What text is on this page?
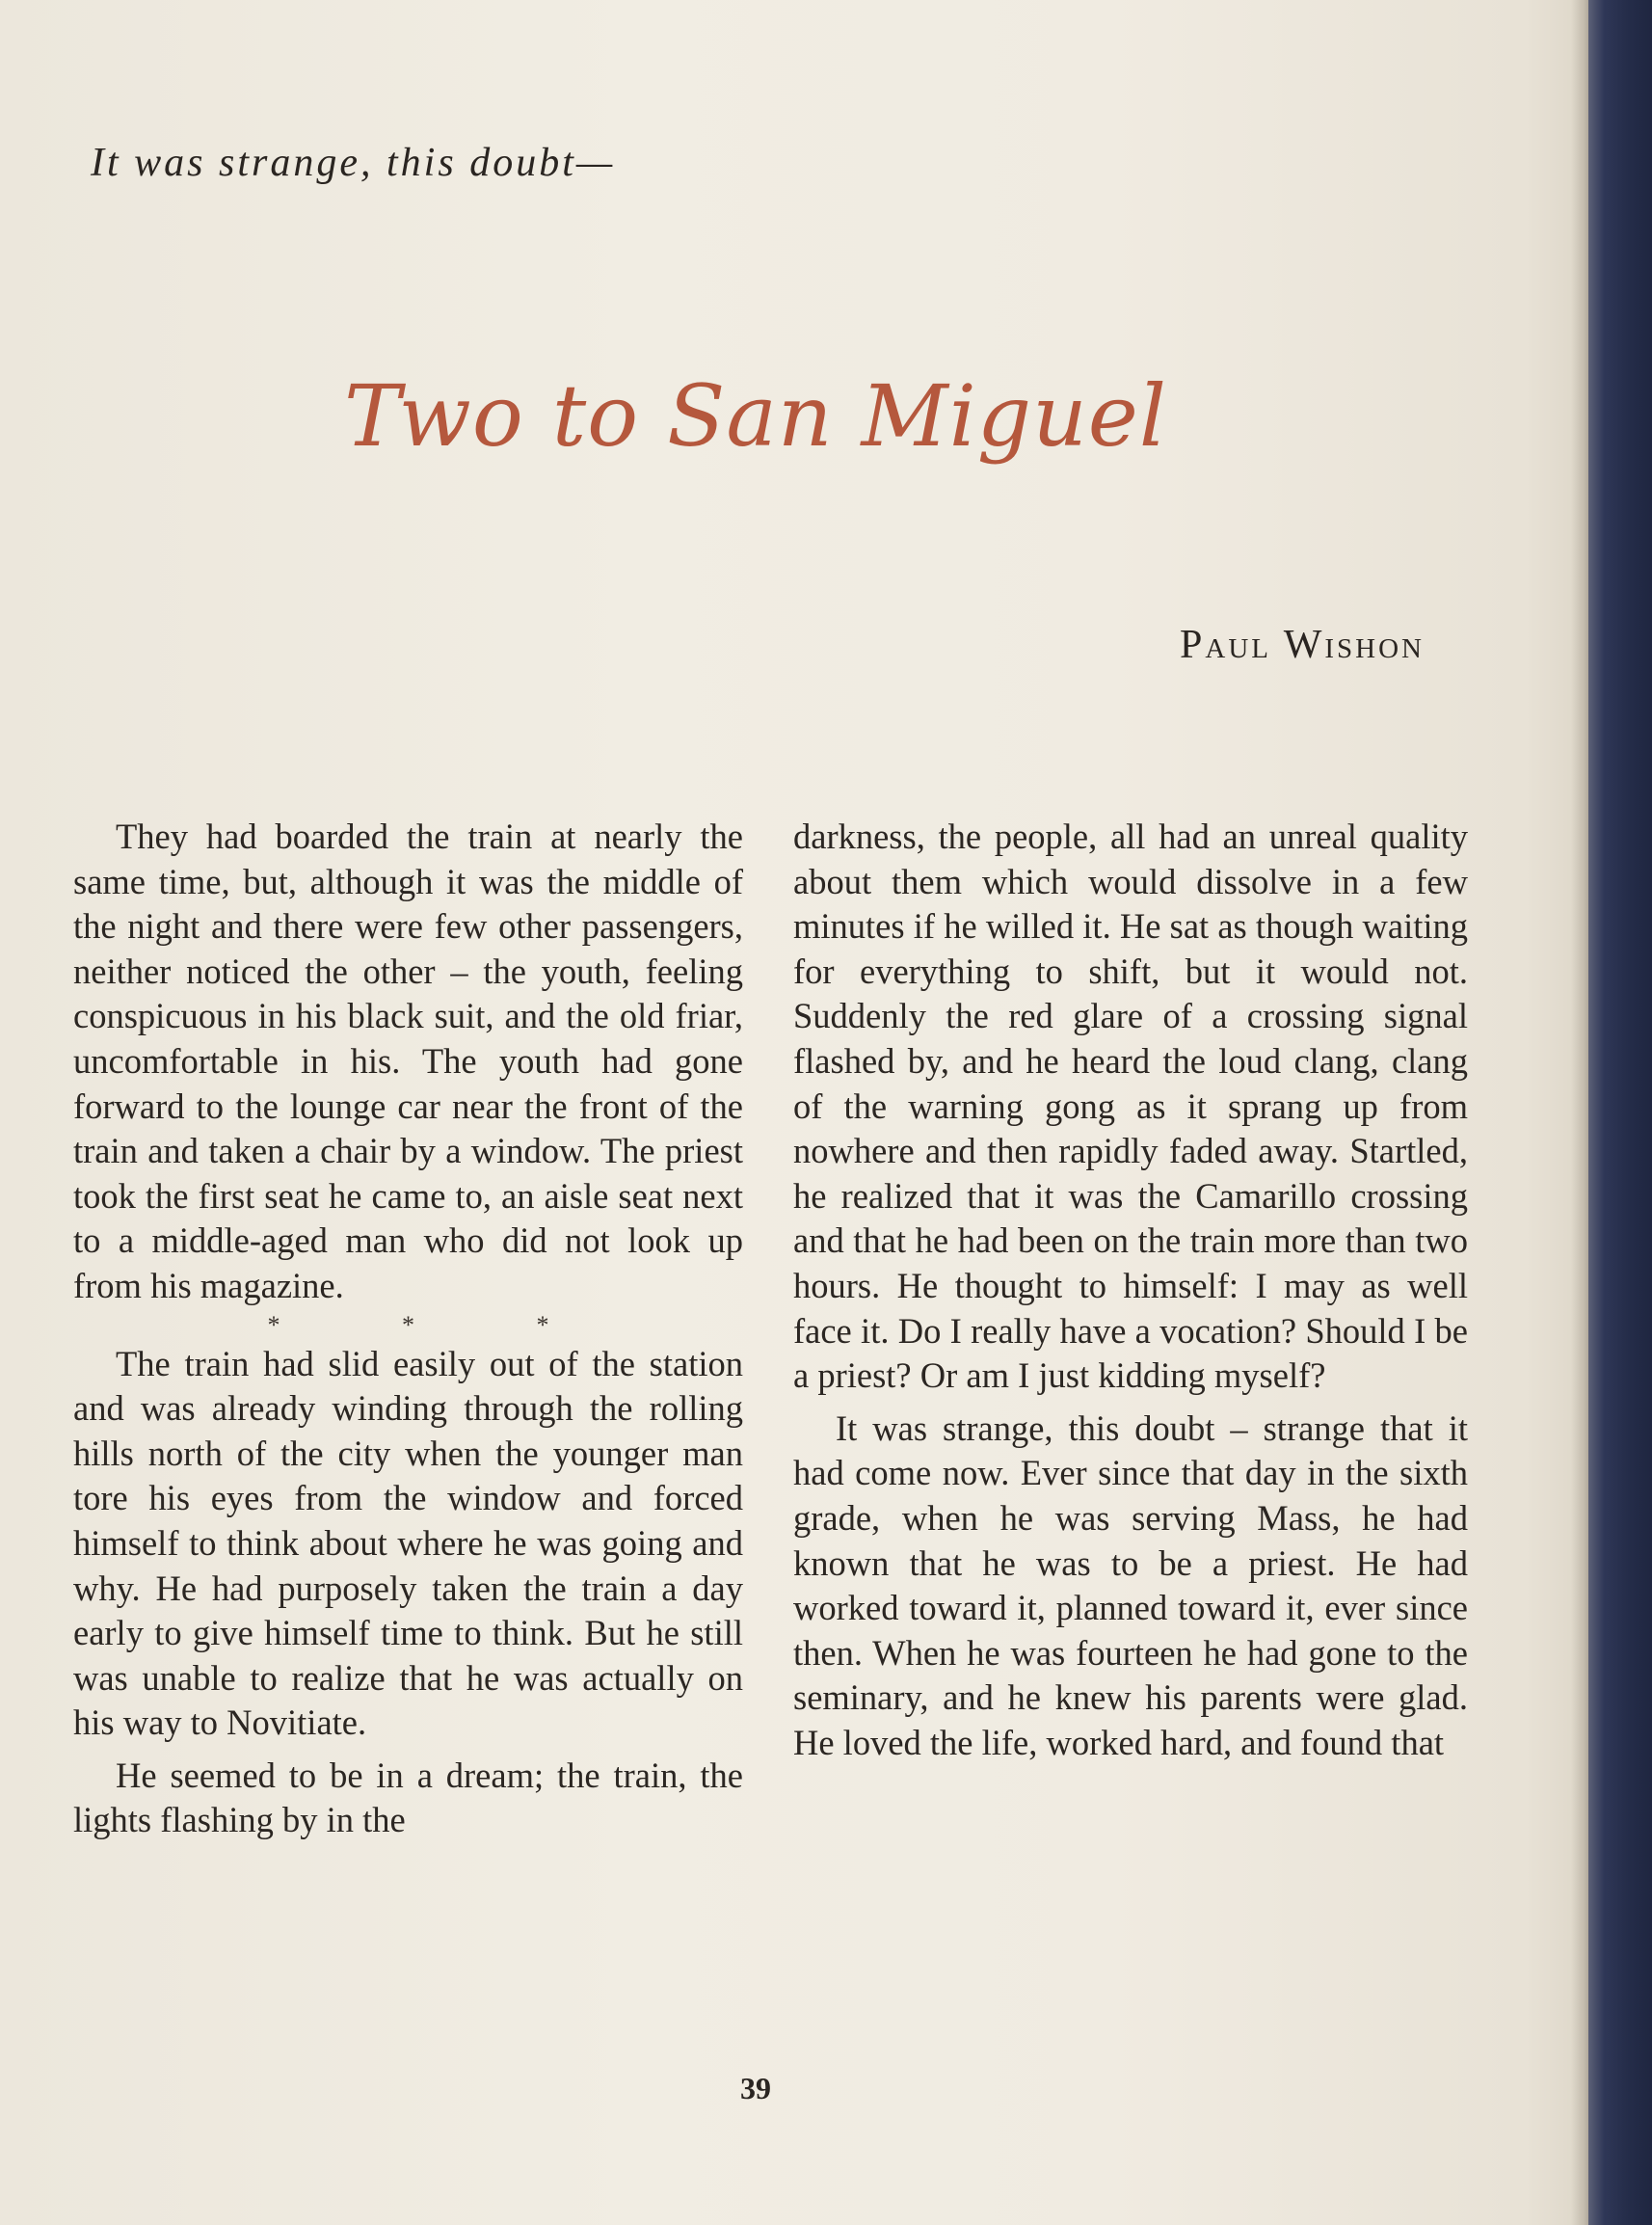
It was strange, this doubt—
Two to San Miguel
Paul Wishon

They had boarded the train at nearly the same time, but, although it was the middle of the night and there were few other passengers, neither noticed the other – the youth, feeling conspicuous in his black suit, and the old friar, uncomfortable in his. The youth had gone forward to the lounge car near the front of the train and taken a chair by a window. The priest took the first seat he came to, an aisle seat next to a middle-aged man who did not look up from his magazine.

* * *

The train had slid easily out of the station and was already winding through the rolling hills north of the city when the younger man tore his eyes from the window and forced himself to think about where he was going and why. He had purposely taken the train a day early to give himself time to think. But he still was unable to realize that he was actually on his way to Novitiate.

He seemed to be in a dream; the train, the lights flashing by in the

darkness, the people, all had an unreal quality about them which would dissolve in a few minutes if he willed it. He sat as though waiting for everything to shift, but it would not. Suddenly the red glare of a crossing signal flashed by, and he heard the loud clang, clang of the warning gong as it sprang up from nowhere and then rapidly faded away. Startled, he realized that it was the Camarillo crossing and that he had been on the train more than two hours. He thought to himself: I may as well face it. Do I really have a vocation? Should I be a priest? Or am I just kidding myself?

It was strange, this doubt – strange that it had come now. Ever since that day in the sixth grade, when he was serving Mass, he had known that he was to be a priest. He had worked toward it, planned toward it, ever since then. When he was fourteen he had gone to the seminary, and he knew his parents were glad. He loved the life, worked hard, and found that

39
